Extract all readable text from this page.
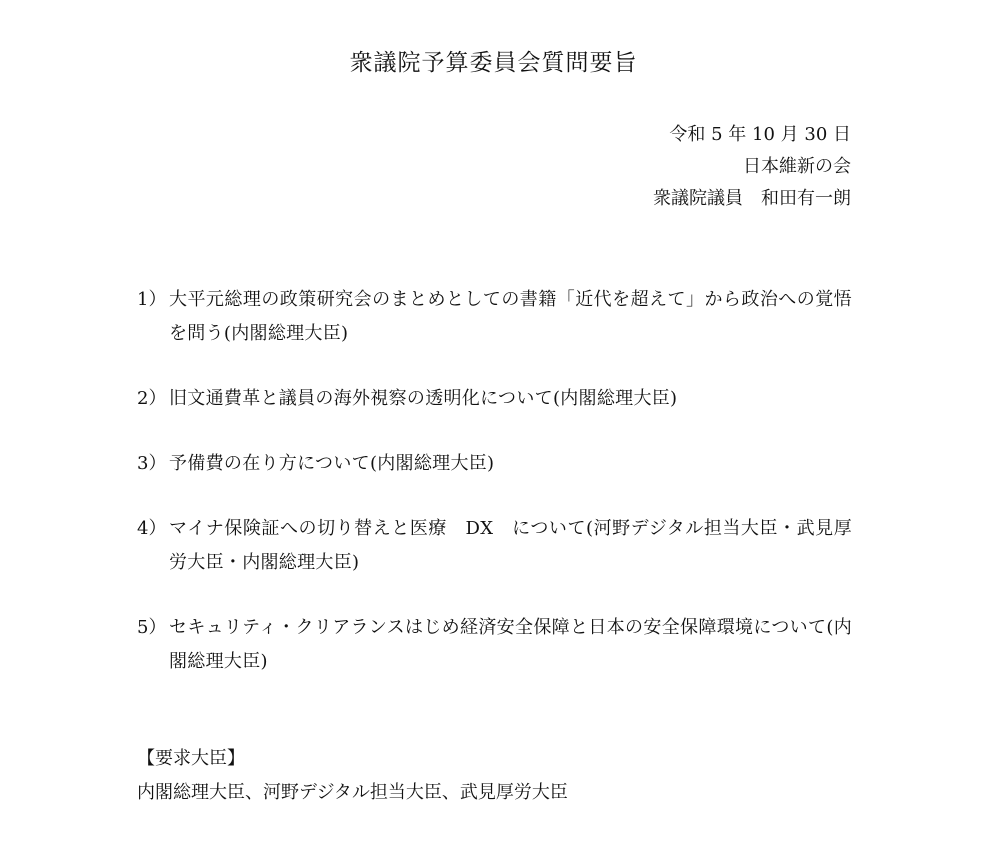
衆議院予算委員会質問要旨
令和 5 年 10 月 30 日
日本維新の会
衆議院議員　和田有一朗
1） 大平元総理の政策研究会のまとめとしての書籍「近代を超えて」から政治への覚悟を問う(内閣総理大臣)
2） 旧文通費革と議員の海外視察の透明化について(内閣総理大臣)
3） 予備費の在り方について(内閣総理大臣)
4） マイナ保険証への切り替えと医療　DX　について(河野デジタル担当大臣・武見厚労大臣・内閣総理大臣)
5） セキュリティ・クリアランスはじめ経済安全保障と日本の安全保障環境について(内閣総理大臣)
【要求大臣】
内閣総理大臣、河野デジタル担当大臣、武見厚労大臣
